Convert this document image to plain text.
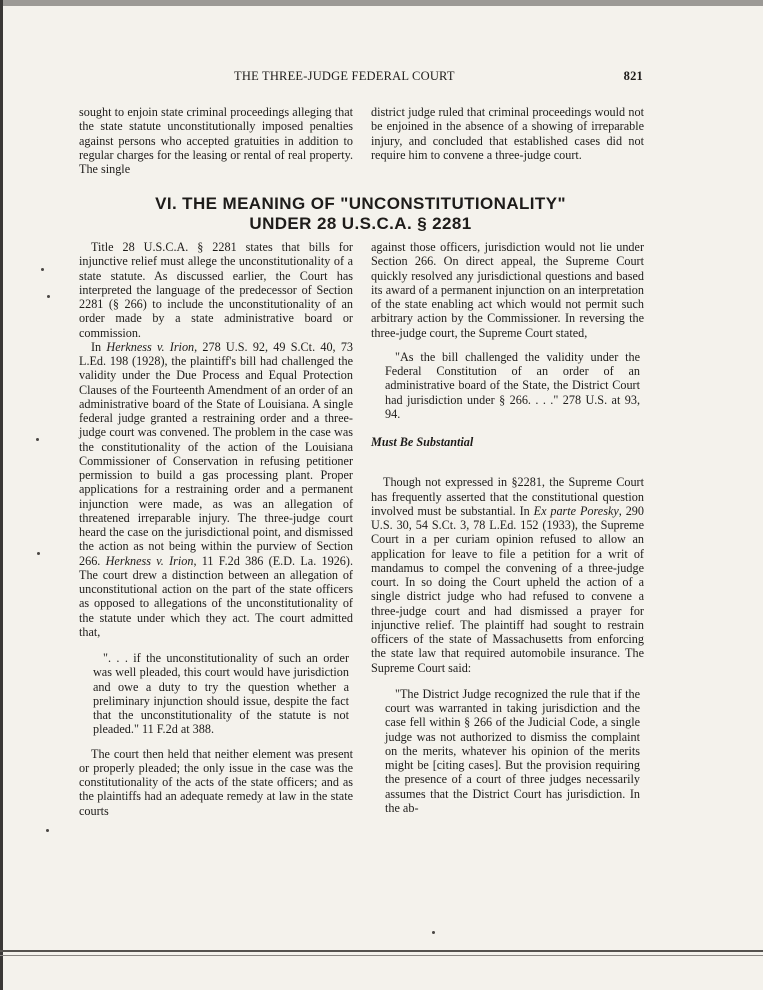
THE THREE-JUDGE FEDERAL COURT	821

sought to enjoin state criminal proceedings alleging that the state statute unconstitutionally imposed penalties against persons who accepted gratuities in addition to regular charges for the leasing or rental of real property. The single

district judge ruled that criminal proceedings would not be enjoined in the absence of a showing of irreparable injury, and concluded that established cases did not require him to convene a three-judge court.

VI. THE MEANING OF "UNCONSTITUTIONALITY"
UNDER 28 U.S.C.A. § 2281

Title 28 U.S.C.A. § 2281 states that bills for injunctive relief must allege the unconstitutionality of a state statute. As discussed earlier, the Court has interpreted the language of the predecessor of Section 2281 (§ 266) to include the unconstitutionality of an order made by a state administrative board or commission.

In Herkness v. Irion, 278 U.S. 92, 49 S.Ct. 40, 73 L.Ed. 198 (1928), the plaintiff's bill had challenged the validity under the Due Process and Equal Protection Clauses of the Fourteenth Amendment of an order of an administrative board of the State of Louisiana. A single federal judge granted a restraining order and a three-judge court was convened. The problem in the case was the constitutionality of the action of the Louisiana Commissioner of Conservation in refusing petitioner permission to build a gas processing plant. Proper applications for a restraining order and a permanent injunction were made, as was an allegation of threatened irreparable injury. The three-judge court heard the case on the jurisdictional point, and dismissed the action as not being within the purview of Section 266. Herkness v. Irion, 11 F.2d 386 (E.D. La. 1926). The court drew a distinction between an allegation of unconstitutional action on the part of the state officers as opposed to allegations of the unconstitutionality of the statute under which they act. The court admitted that,

". . . if the unconstitutionality of such an order was well pleaded, this court would have jurisdiction and owe a duty to try the question whether a preliminary injunction should issue, despite the fact that the unconstitutionality of the statute is not pleaded." 11 F.2d at 388.

The court then held that neither element was present or properly pleaded; the only issue in the case was the constitutionality of the acts of the state officers; and as the plaintiffs had an adequate remedy at law in the state courts

against those officers, jurisdiction would not lie under Section 266. On direct appeal, the Supreme Court quickly resolved any jurisdictional questions and based its award of a permanent injunction on an interpretation of the state enabling act which would not permit such arbitrary action by the Commissioner. In reversing the three-judge court, the Supreme Court stated,

"As the bill challenged the validity under the Federal Constitution of an order of an administrative board of the State, the District Court had jurisdiction under § 266. . . ." 278 U.S. at 93, 94.

Must Be Substantial

Though not expressed in §2281, the Supreme Court has frequently asserted that the constitutional question involved must be substantial. In Ex parte Poresky, 290 U.S. 30, 54 S.Ct. 3, 78 L.Ed. 152 (1933), the Supreme Court in a per curiam opinion refused to allow an application for leave to file a petition for a writ of mandamus to compel the convening of a three-judge court. In so doing the Court upheld the action of a single district judge who had refused to convene a three-judge court and had dismissed a prayer for injunctive relief. The plaintiff had sought to restrain officers of the state of Massachusetts from enforcing the state law that required automobile insurance. The Supreme Court said:

"The District Judge recognized the rule that if the court was warranted in taking jurisdiction and the case fell within § 266 of the Judicial Code, a single judge was not authorized to dismiss the complaint on the merits, whatever his opinion of the merits might be [citing cases]. But the provision requiring the presence of a court of three judges necessarily assumes that the District Court has jurisdiction. In the ab-
